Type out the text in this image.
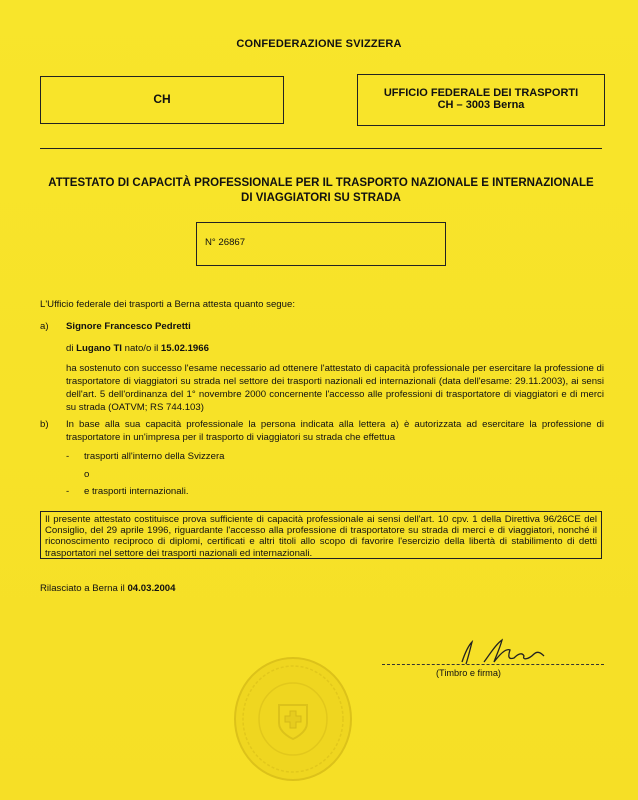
CONFEDERAZIONE SVIZZERA
CH	UFFICIO FEDERALE DEI TRASPORTI
CH – 3003 Berna
ATTESTATO DI CAPACITÀ PROFESSIONALE PER IL TRASPORTO NAZIONALE E INTERNAZIONALE
DI VIAGGIATORI SU STRADA
N° 26867
L'Ufficio federale dei trasporti a Berna attesta quanto segue:
a) Signore Francesco Pedretti
di Lugano TI nato/o il 15.02.1966
ha sostenuto con successo l'esame necessario ad ottenere l'attestato di capacità professionale per esercitare la professione di trasportatore di viaggiatori su strada nel settore dei trasporti nazionali ed internazionali (data dell'esame: 29.11.2003), ai sensi dell'art. 5 dell'ordinanza del 1° novembre 2000 concernente l'accesso alle professioni di trasportatore di viaggiatori e di merci su strada (OATVM; RS 744.103)
b) In base alla sua capacità professionale la persona indicata alla lettera a) è autorizzata ad esercitare la professione di trasportatore in un'impresa per il trasporto di viaggiatori su strada che effettua
- trasporti all'interno della Svizzera
o
- e trasporti internazionali.
Il presente attestato costituisce prova sufficiente di capacità professionale ai sensi dell'art. 10 cpv. 1 della Direttiva 96/26CE del Consiglio, del 29 aprile 1996, riguardante l'accesso alla professione di trasportatore su strada di merci e di viaggiatori, nonché il riconoscimento reciproco di diplomi, certificati e altri titoli allo scopo di favorire l'esercizio della libertà di stabilimento di detti trasportatori nel settore dei trasporti nazionali ed internazionali.
Rilasciato a Berna il 04.03.2004
(Timbro e firma)
